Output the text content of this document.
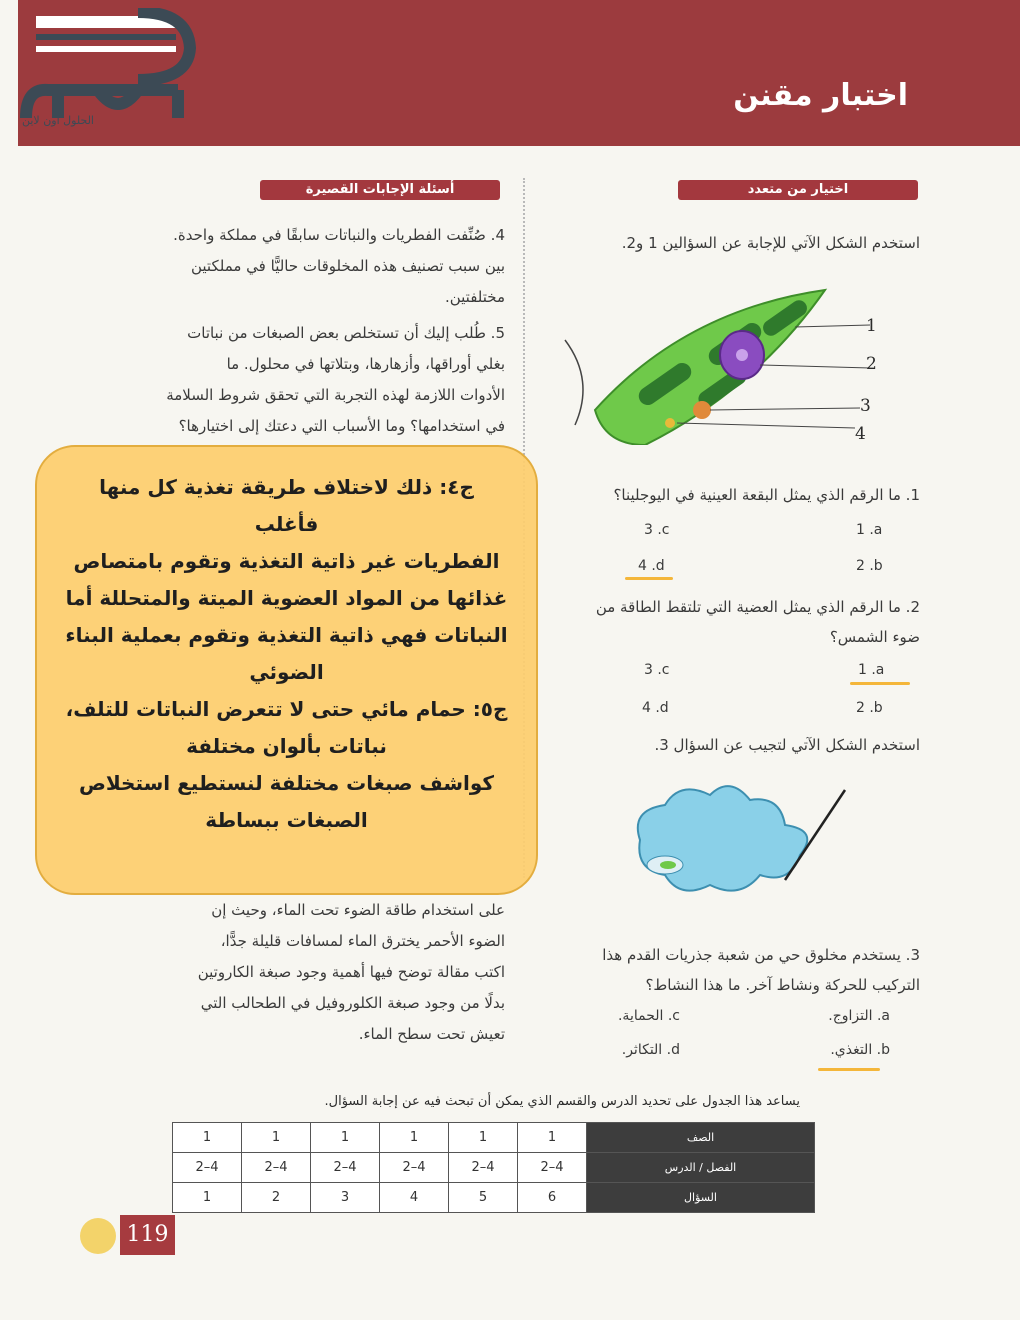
اختبار مقنن
الحلول اون لاين
أسئلة الإجابات القصيرة	اختيار من متعدد
4. صُنِّفت الفطريات والنباتات سابقًا في مملكة واحدة.
بين سبب تصنيف هذه المخلوقات حاليًّا في مملكتين
مختلفتين.
5. طُلب إليك أن تستخلص بعض الصبغات من نباتات
بغلي أوراقها، وأزهارها، وبتلاتها في محلول. ما
الأدوات اللازمة لهذه التجربة التي تحقق شروط السلامة
في استخدامها؟ وما الأسباب التي دعتك إلى اختيارها؟
على استخدام طاقة الضوء تحت الماء، وحيث إن
الضوء الأحمر يخترق الماء لمسافات قليلة جدًّا،
اكتب مقالة توضح فيها أهمية وجود صبغة الكاروتين
بدلًا من وجود صبغة الكلوروفيل في الطحالب التي
تعيش تحت سطح الماء.
استخدم الشكل الآتي للإجابة عن السؤالين 1 و2.
1
2
3
4
1. ما الرقم الذي يمثل البقعة العينية في اليوجلينا؟
1 .a
3 .c
2 .b
4 .d
2. ما الرقم الذي يمثل العضية التي تلتقط الطاقة من
ضوء الشمس؟
1 .a
3 .c
2 .b
4 .d
استخدم الشكل الآتي لتجيب عن السؤال 3.
3. يستخدم مخلوق حي من شعبة جذريات القدم هذا
التركيب للحركة ونشاط آخر. ما هذا النشاط؟
a. التزاوج.
c. الحماية.
b. التغذي.
d. التكاثر.

ج٤: ذلك لاختلاف طريقة تغذية كل منها فأغلب

الفطريات غير ذاتية التغذية وتقوم بامتصاص

غذائها من المواد العضوية الميتة والمتحللة أما

النباتات فهي ذاتية التغذية وتقوم بعملية البناء

الضوئي

ج٥: حمام مائي حتى لا تتعرض النباتات للتلف،

نباتات بألوان مختلفة

كواشف صبغات مختلفة لنستطيع استخلاص

الصبغات ببساطة

يساعد هذا الجدول على تحديد الدرس والقسم الذي يمكن أن تبحث فيه عن إجابة السؤال.
1	1	1	1	1	1	الصف
2–4	2–4	2–4	2–4	2–4	2–4	الفصل / الدرس
1	2	3	4	5	6	السؤال
119
